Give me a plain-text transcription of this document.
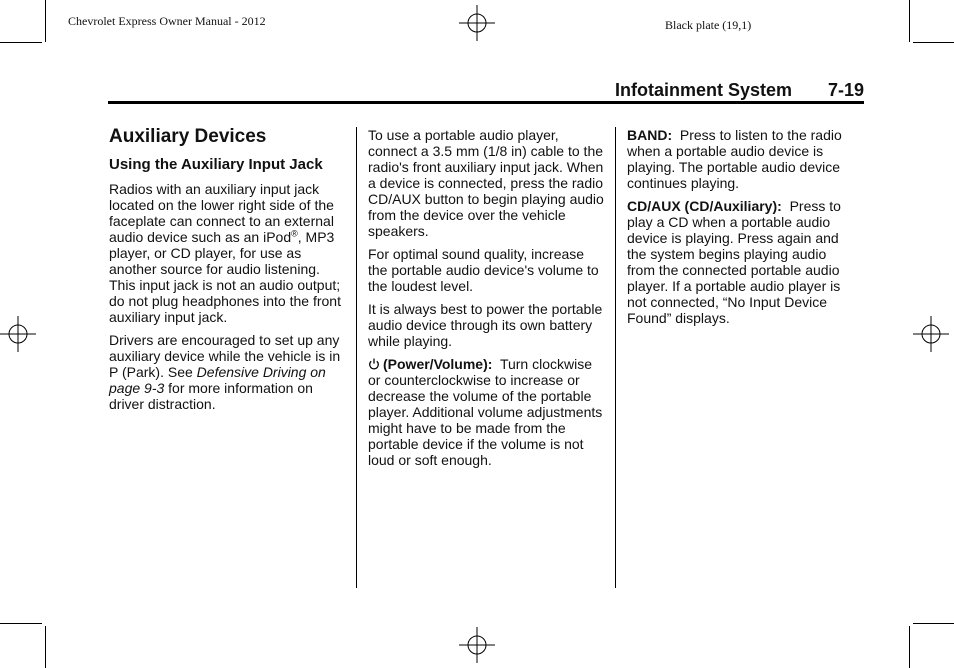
Chevrolet Express Owner Manual - 2012	Black plate (19,1)
Infotainment System 7-19
Auxiliary Devices
Using the Auxiliary Input Jack

Radios with an auxiliary input jack located on the lower right side of the faceplate can connect to an external audio device such as an iPod®, MP3 player, or CD player, for use as another source for audio listening. This input jack is not an audio output; do not plug headphones into the front auxiliary input jack.

Drivers are encouraged to set up any auxiliary device while the vehicle is in P (Park). See Defensive Driving on page 9-3 for more information on driver distraction.

To use a portable audio player, connect a 3.5 mm (1/8 in) cable to the radio's front auxiliary input jack. When a device is connected, press the radio CD/AUX button to begin playing audio from the device over the vehicle speakers.

For optimal sound quality, increase the portable audio device's volume to the loudest level.

It is always best to power the portable audio device through its own battery while playing.

(Power/Volume):  Turn clockwise or counterclockwise to increase or decrease the volume of the portable player. Additional volume adjustments might have to be made from the portable device if the volume is not loud or soft enough.

BAND:  Press to listen to the radio when a portable audio device is playing. The portable audio device continues playing.

CD/AUX (CD/Auxiliary):  Press to play a CD when a portable audio device is playing. Press again and the system begins playing audio from the connected portable audio player. If a portable audio player is not connected, “No Input Device Found” displays.
